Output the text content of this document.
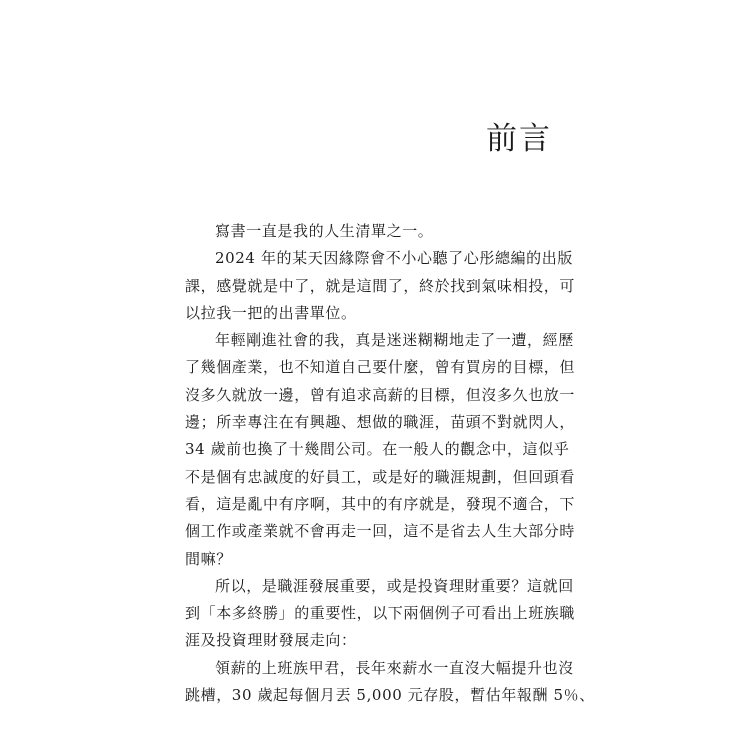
前言

寫書一直是我的人生清單之一。

2024 年的某天因緣際會不小心聽了心彤總編的出版
課，感覺就是中了，就是這間了，終於找到氣味相投，可
以拉我一把的出書單位。

年輕剛進社會的我，真是迷迷糊糊地走了一遭，經歷
了幾個產業，也不知道自己要什麼，曾有買房的目標，但
沒多久就放一邊，曾有追求高薪的目標，但沒多久也放一
邊；所幸專注在有興趣、想做的職涯，苗頭不對就閃人，
34 歲前也換了十幾間公司。在一般人的觀念中，這似乎
不是個有忠誠度的好員工，或是好的職涯規劃，但回頭看
看，這是亂中有序啊，其中的有序就是，發現不適合，下
個工作或產業就不會再走一回，這不是省去人生大部分時
間嘛？

所以，是職涯發展重要，或是投資理財重要？這就回
到「本多終勝」的重要性，以下兩個例子可看出上班族職
涯及投資理財發展走向：

領薪的上班族甲君，長年來薪水一直沒大幅提升也沒
跳槽，30 歲起每個月丟 5,000 元存股，暫估年報酬 5％、
